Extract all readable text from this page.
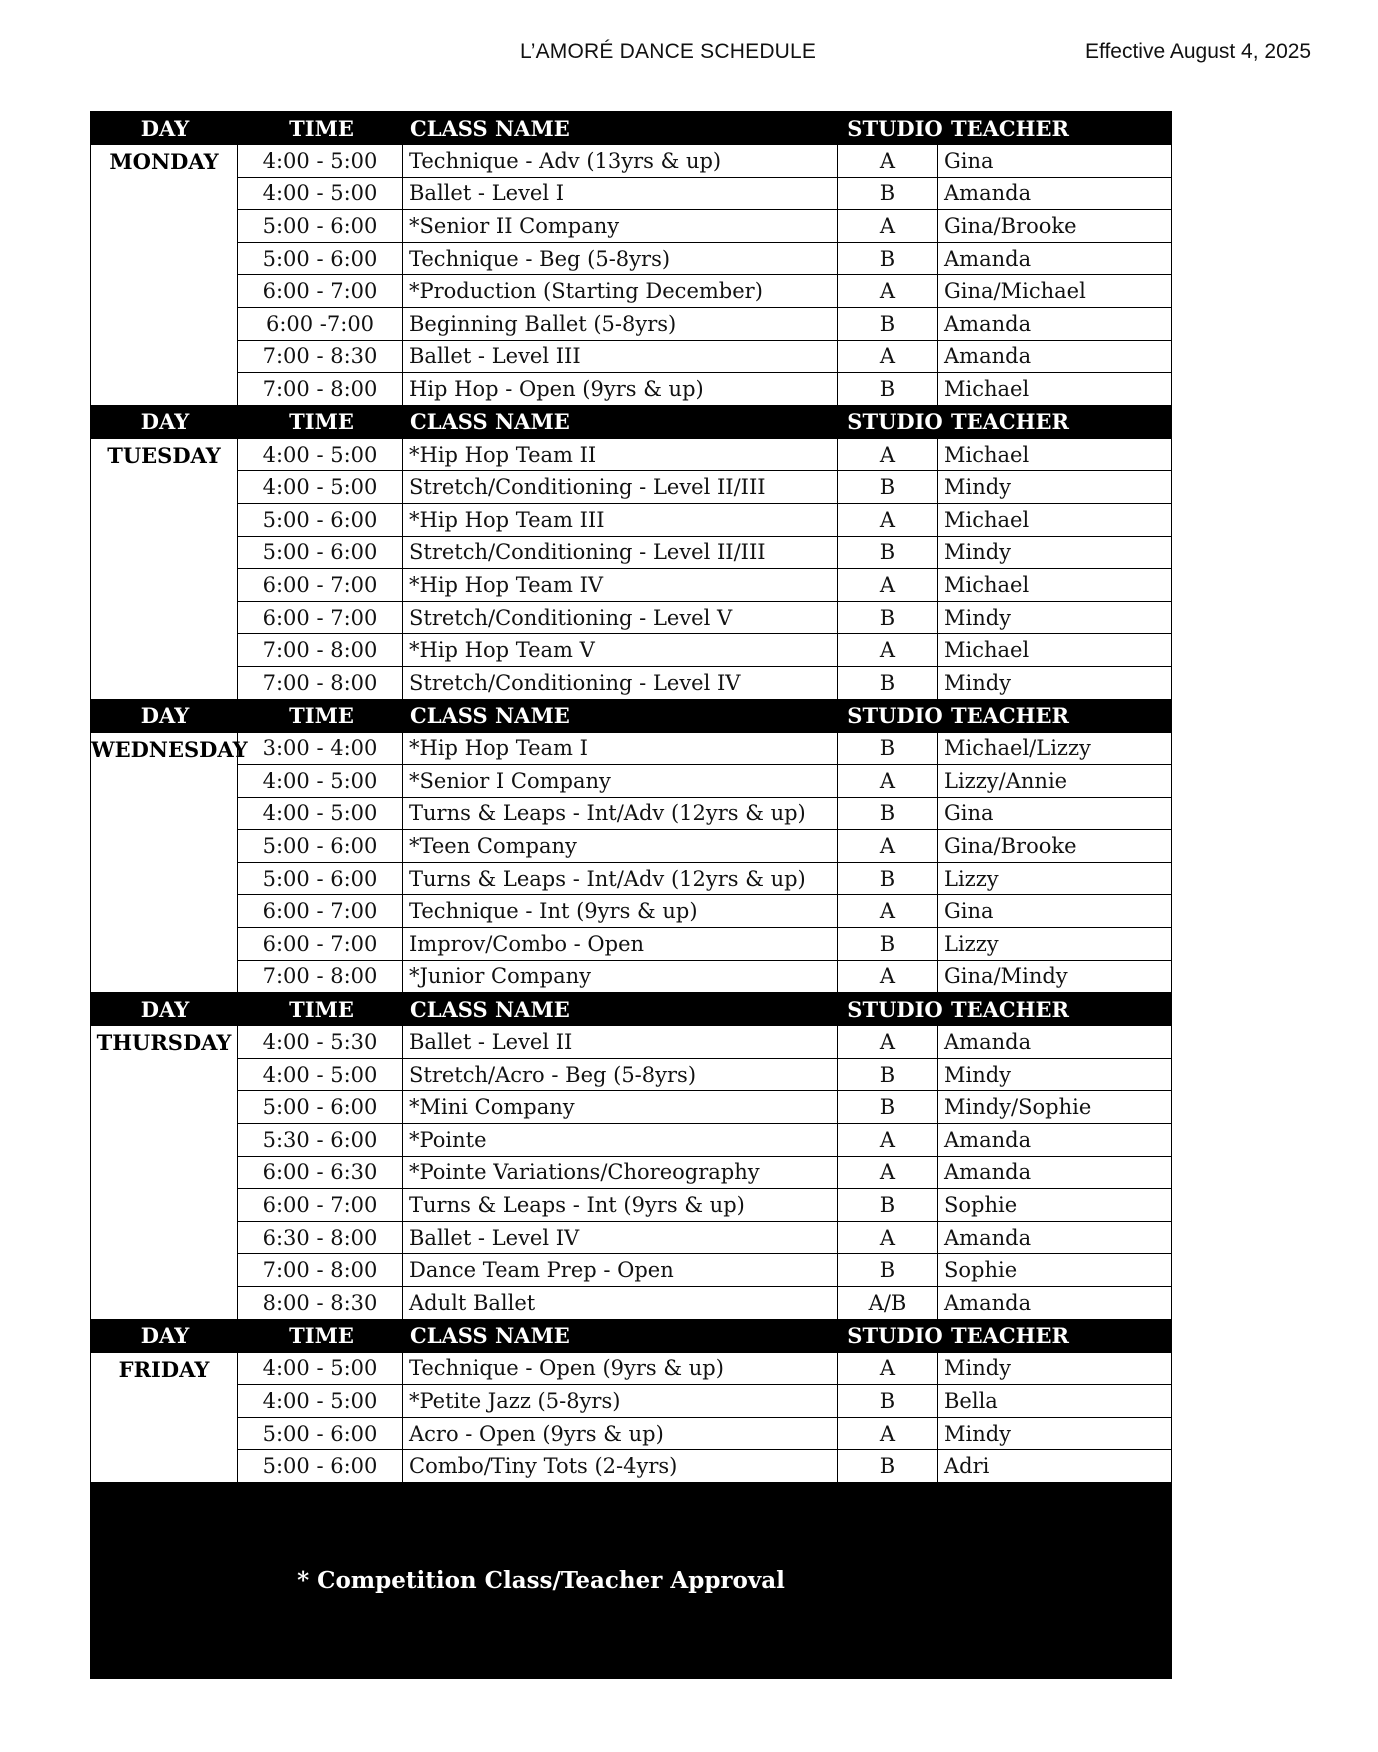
L’AMORÉ DANCE SCHEDULE	Effective August 4, 2025
DAY	TIME	CLASS NAME	STUDIO TEACHER
MONDAY	4:00 - 5:00	Technique - Adv (13yrs & up)	A	Gina
4:00 - 5:00	Ballet - Level I	B	Amanda
5:00 - 6:00	*Senior II Company	A	Gina/Brooke
5:00 - 6:00	Technique - Beg (5-8yrs)	B	Amanda
6:00 - 7:00	*Production (Starting December)	A	Gina/Michael
6:00 -7:00	Beginning Ballet (5-8yrs)	B	Amanda
7:00 - 8:30	Ballet - Level III	A	Amanda
7:00 - 8:00	Hip Hop - Open (9yrs & up)	B	Michael
DAY	TIME	CLASS NAME	STUDIO TEACHER
TUESDAY	4:00 - 5:00	*Hip Hop Team II	A	Michael
4:00 - 5:00	Stretch/Conditioning - Level II/III	B	Mindy
5:00 - 6:00	*Hip Hop Team III	A	Michael
5:00 - 6:00	Stretch/Conditioning - Level II/III	B	Mindy
6:00 - 7:00	*Hip Hop Team IV	A	Michael
6:00 - 7:00	Stretch/Conditioning - Level V	B	Mindy
7:00 - 8:00	*Hip Hop Team V	A	Michael
7:00 - 8:00	Stretch/Conditioning - Level IV	B	Mindy
DAY	TIME	CLASS NAME	STUDIO TEACHER
WEDNESDAY 3:00 - 4:00	*Hip Hop Team I	B	Michael/Lizzy
4:00 - 5:00	*Senior I Company	A	Lizzy/Annie
4:00 - 5:00	Turns & Leaps - Int/Adv (12yrs & up)	B	Gina
5:00 - 6:00	*Teen Company	A	Gina/Brooke
5:00 - 6:00	Turns & Leaps - Int/Adv (12yrs & up)	B	Lizzy
6:00 - 7:00	Technique - Int (9yrs & up)	A	Gina
6:00 - 7:00	Improv/Combo - Open	B	Lizzy
7:00 - 8:00	*Junior Company	A	Gina/Mindy
DAY	TIME	CLASS NAME	STUDIO TEACHER
THURSDAY	4:00 - 5:30	Ballet - Level II	A	Amanda
4:00 - 5:00	Stretch/Acro - Beg (5-8yrs)	B	Mindy
5:00 - 6:00	*Mini Company	B	Mindy/Sophie
5:30 - 6:00	*Pointe	A	Amanda
6:00 - 6:30	*Pointe Variations/Choreography	A	Amanda
6:00 - 7:00	Turns & Leaps - Int (9yrs & up)	B	Sophie
6:30 - 8:00	Ballet - Level IV	A	Amanda
7:00 - 8:00	Dance Team Prep - Open	B	Sophie
8:00 - 8:30	Adult Ballet	A/B	Amanda
DAY	TIME	CLASS NAME	STUDIO TEACHER
FRIDAY	4:00 - 5:00	Technique - Open (9yrs & up)	A	Mindy
4:00 - 5:00	*Petite Jazz (5-8yrs)	B	Bella
5:00 - 6:00	Acro - Open (9yrs & up)	A	Mindy
5:00 - 6:00	Combo/Tiny Tots (2-4yrs)	B	Adri
* Competition Class/Teacher Approval
